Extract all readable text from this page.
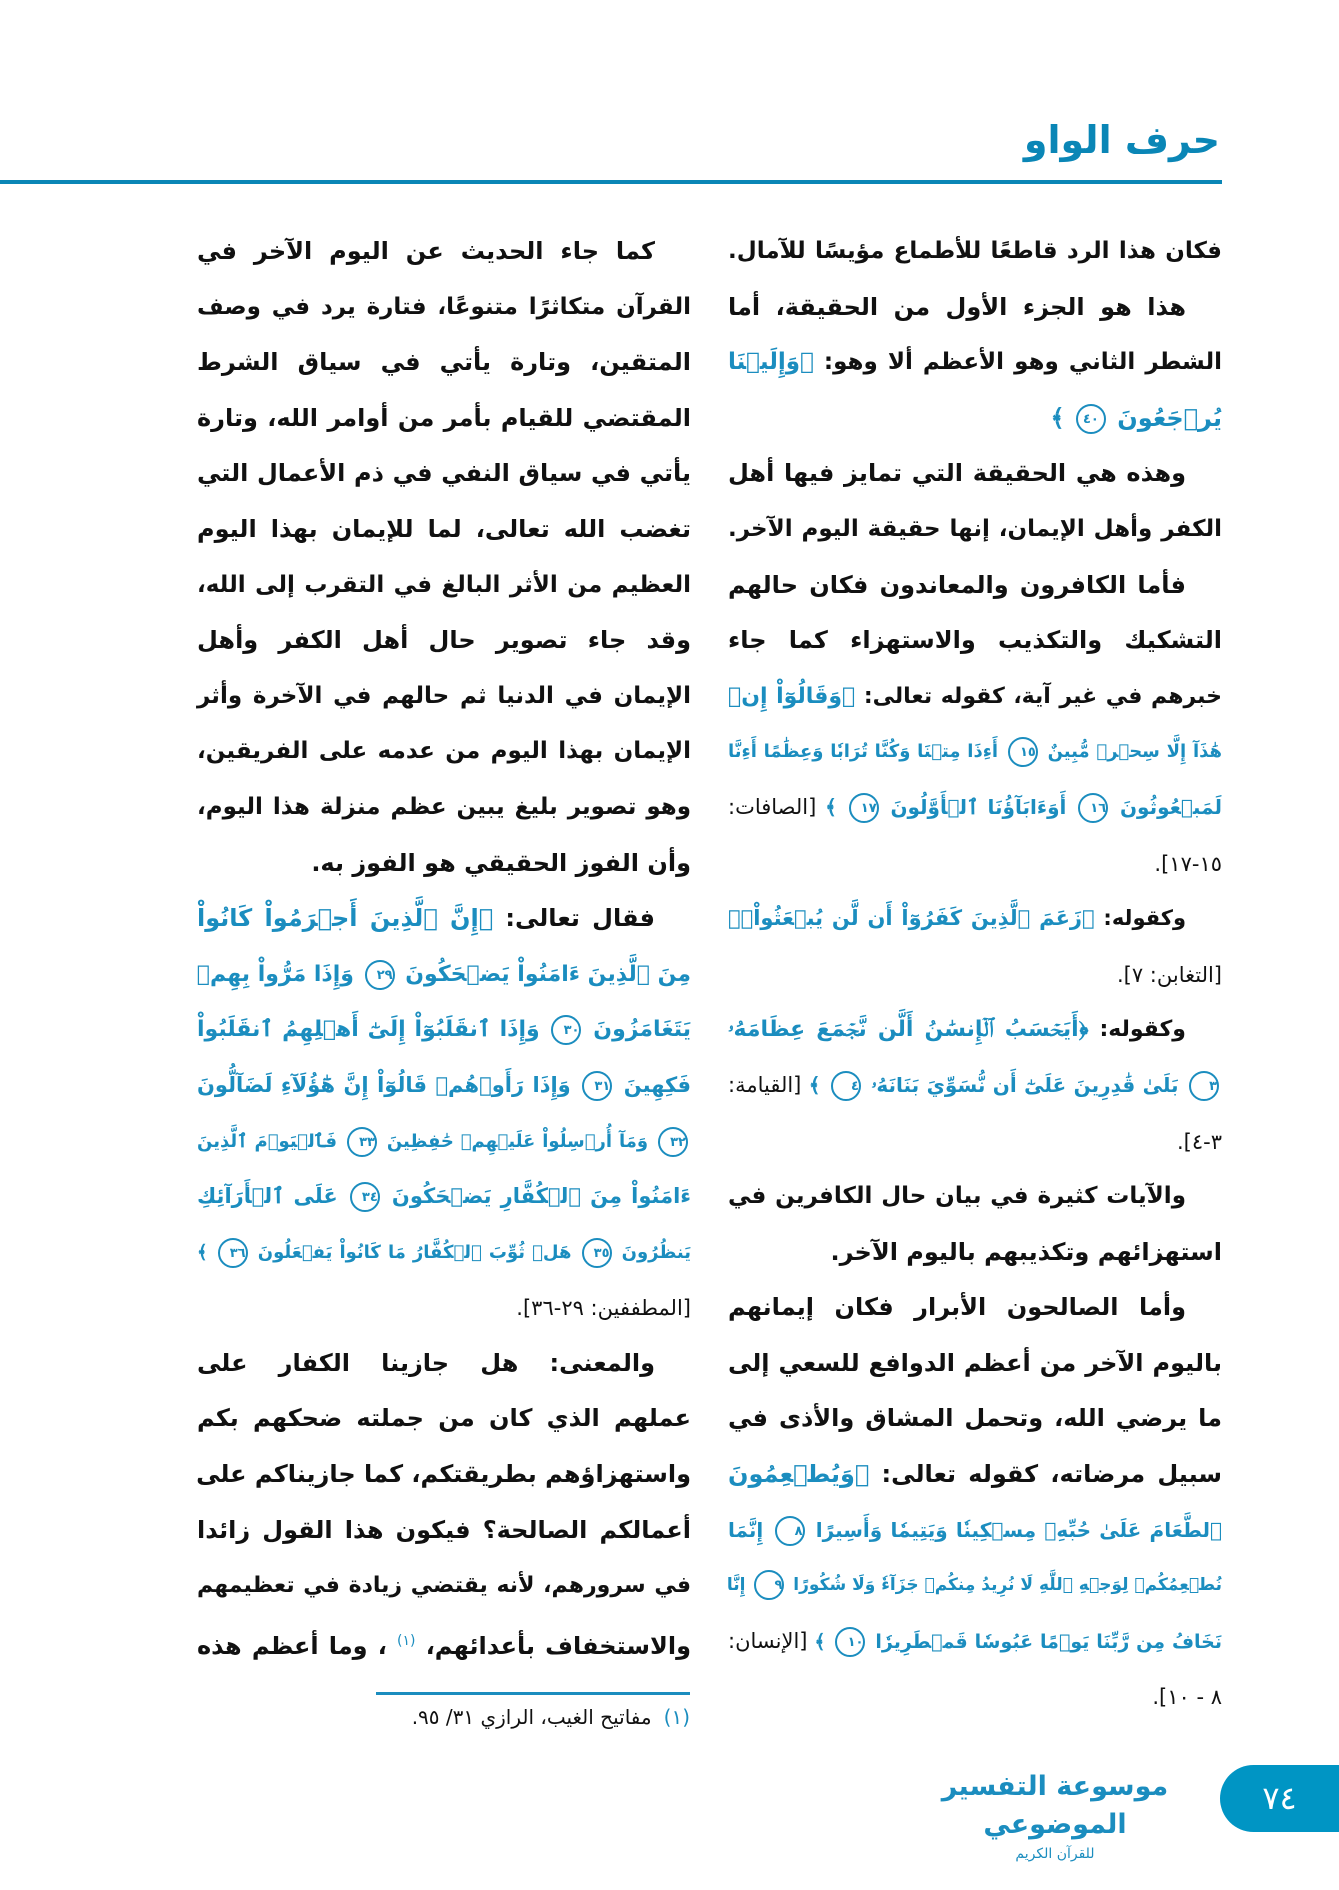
حرف الواو
فكان هذا الرد قاطعًا للأطماع مؤيسًا للآمال.
هذا هو الجزء الأول من الحقيقة، أما
الشطر الثاني وهو الأعظم ألا وهو: ﴿وَإِلَيۡنَا
يُرۡجَعُونَ ٤٠ ﴾
وهذه هي الحقيقة التي تمايز فيها أهل
الكفر وأهل الإيمان، إنها حقيقة اليوم الآخر.
فأما الكافرون والمعاندون فكان حالهم
التشكيك والتكذيب والاستهزاء كما جاء
خبرهم في غير آية، كقوله تعالى: ﴿وَقَالُوٓاْ إِنۡ
هَٰذَآ إِلَّا سِحۡرٞ مُّبِينٌ ١٥ أَءِذَا مِتۡنَا وَكُنَّا تُرَابٗا وَعِظَٰمًا أَءِنَّا
لَمَبۡعُوثُونَ ١٦ أَوَءَابَآؤُنَا ٱلۡأَوَّلُونَ ١٧ ﴾ [الصافات:
١٥-١٧].
وكقوله: ﴿زَعَمَ ٱلَّذِينَ كَفَرُوٓاْ أَن لَّن يُبۡعَثُواْۚ﴾
[التغابن: ٧].
وكقوله: ﴿أَيَحۡسَبُ ٱلۡإِنسَٰنُ أَلَّن نَّجۡمَعَ عِظَامَهُۥ
٣ بَلَىٰ قَٰدِرِينَ عَلَىٰٓ أَن نُّسَوِّيَ بَنَانَهُۥ ٤ ﴾ [القيامة:
٣-٤].
والآيات كثيرة في بيان حال الكافرين في
استهزائهم وتكذيبهم باليوم الآخر.
وأما الصالحون الأبرار فكان إيمانهم
باليوم الآخر من أعظم الدوافع للسعي إلى
ما يرضي الله، وتحمل المشاق والأذى في
سبيل مرضاته، كقوله تعالى: ﴿وَيُطۡعِمُونَ
ٱلطَّعَامَ عَلَىٰ حُبِّهِۦ مِسۡكِينٗا وَيَتِيمٗا وَأَسِيرًا ٨ إِنَّمَا
نُطۡعِمُكُمۡ لِوَجۡهِ ٱللَّهِ لَا نُرِيدُ مِنكُمۡ جَزَآءٗ وَلَا شُكُورًا ٩ إِنَّا
نَخَافُ مِن رَّبِّنَا يَوۡمًا عَبُوسٗا قَمۡطَرِيرٗا ١٠ ﴾ [الإنسان:
٨ - ١٠].
كما جاء الحديث عن اليوم الآخر في
القرآن متكاثرًا متنوعًا، فتارة يرد في وصف
المتقين، وتارة يأتي في سياق الشرط
المقتضي للقيام بأمر من أوامر الله، وتارة
يأتي في سياق النفي في ذم الأعمال التي
تغضب الله تعالى، لما للإيمان بهذا اليوم
العظيم من الأثر البالغ في التقرب إلى الله،
وقد جاء تصوير حال أهل الكفر وأهل
الإيمان في الدنيا ثم حالهم في الآخرة وأثر
الإيمان بهذا اليوم من عدمه على الفريقين،
وهو تصوير بليغ يبين عظم منزلة هذا اليوم،
وأن الفوز الحقيقي هو الفوز به.
فقال تعالى: ﴿إِنَّ ٱلَّذِينَ أَجۡرَمُواْ كَانُواْ
مِنَ ٱلَّذِينَ ءَامَنُواْ يَضۡحَكُونَ ٢٩ وَإِذَا مَرُّواْ بِهِمۡ
يَتَغَامَزُونَ ٣٠ وَإِذَا ٱنقَلَبُوٓاْ إِلَىٰٓ أَهۡلِهِمُ ٱنقَلَبُواْ
فَكِهِينَ ٣١ وَإِذَا رَأَوۡهُمۡ قَالُوٓاْ إِنَّ هَٰٓؤُلَآءِ لَضَآلُّونَ
٣٢ وَمَآ أُرۡسِلُواْ عَلَيۡهِمۡ حَٰفِظِينَ ٣٣ فَٱلۡيَوۡمَ ٱلَّذِينَ
ءَامَنُواْ مِنَ ٱلۡكُفَّارِ يَضۡحَكُونَ ٣٤ عَلَى ٱلۡأَرَآئِكِ
يَنظُرُونَ ٣٥ هَلۡ ثُوِّبَ ٱلۡكُفَّارُ مَا كَانُواْ يَفۡعَلُونَ ٣٦ ﴾
[المطففين: ٢٩-٣٦].
والمعنى: هل جازينا الكفار على
عملهم الذي كان من جملته ضحكهم بكم
واستهزاؤهم بطريقتكم، كما جازيناكم على
أعمالكم الصالحة؟ فيكون هذا القول زائدا
في سرورهم، لأنه يقتضي زيادة في تعظيمهم
والاستخفاف بأعدائهم، $^{(١)}$ ، وما أعظم هذه
(١)مفاتيح الغيب، الرازي ٣١/ ٩٥.
موسوعة التفسير الموضوعي
للقرآن الكريم
٧٤
